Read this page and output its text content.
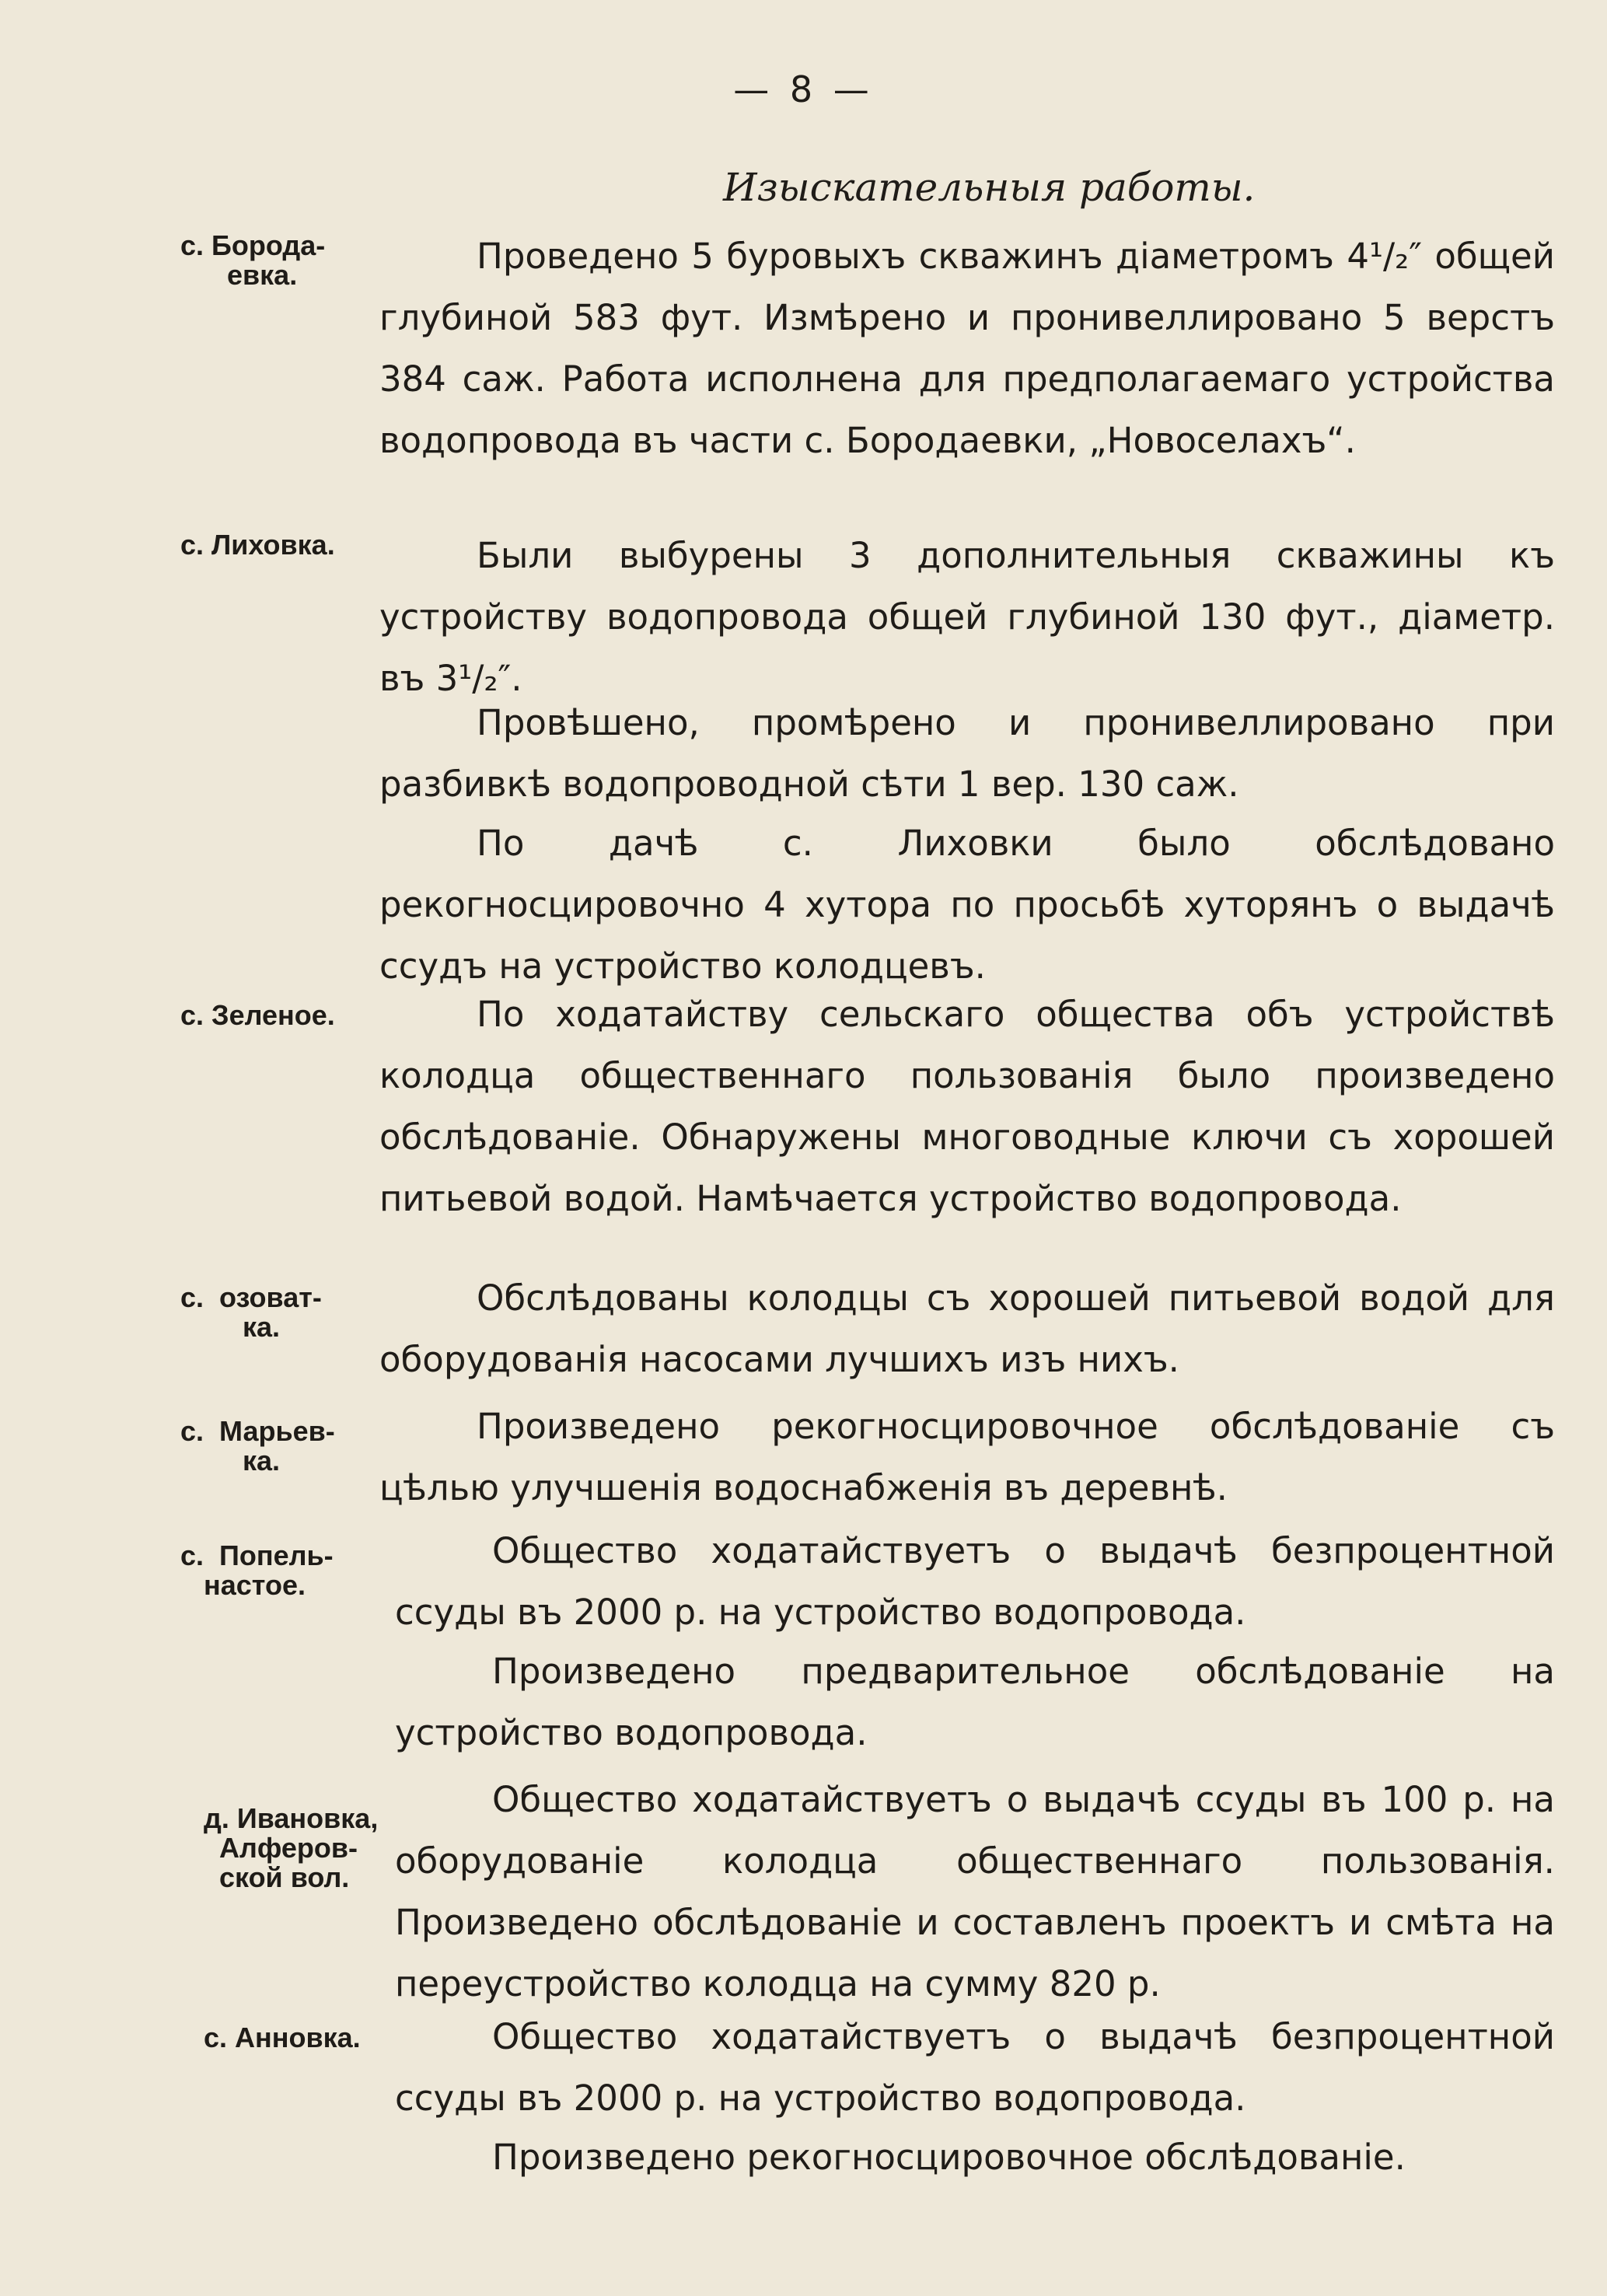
— 8 —
Изыскательныя работы.
с. Борода-
евка.	Проведено 5 буровыхъ скважинъ діаметромъ 4¹/₂″ общей глубиной 583 фут. Измѣрено и пронивеллировано 5 верстъ 384 саж. Работа исполнена для предполагаемаго устройства водопровода въ части с. Бородаевки, „Новоселахъ“.
с. Лиховка.	Были выбурены 3 дополнительныя скважины къ устройству водопровода общей глубиной 130 фут., діаметр. въ 3¹/₂″.
Провѣшено, промѣрено и пронивеллировано при разбивкѣ водопроводной сѣти 1 вер. 130 саж.
По дачѣ с. Лиховки было обслѣдовано рекогносцировочно 4 хутора по просьбѣ хуторянъ о выдачѣ ссудъ на устройство колодцевъ.
с. Зеленое.	По ходатайству сельскаго общества объ устройствѣ колодца общественнаго пользованія было произведено обслѣдованіе. Обнаружены многоводные ключи съ хорошей питьевой водой. Намѣчается устройство водопровода.
с.  озоват-
ка.
Обслѣдованы колодцы съ хорошей питьевой водой для оборудованія насосами лучшихъ изъ нихъ.
с.  Марьев-
ка.
Произведено рекогносцировочное обслѣдованіе съ цѣлью улучшенія водоснабженія въ деревнѣ.
с.  Попель-
настое.
Общество ходатайствуетъ о выдачѣ безпроцентной ссуды въ 2000 р. на устройство водопровода.
Произведено предварительное обслѣдованіе на устройство водопровода.
д. Ивановка,
Алферов-
ской вол.
Общество ходатайствуетъ о выдачѣ ссуды въ 100 р. на оборудованіе колодца общественнаго пользованія. Произведено обслѣдованіе и составленъ проектъ и смѣта на переустройство колодца на сумму 820 р.
с. Анновка.	Общество ходатайствуетъ о выдачѣ безпроцентной ссуды въ 2000 р. на устройство водопровода.
Произведено рекогносцировочное обслѣдованіе.
